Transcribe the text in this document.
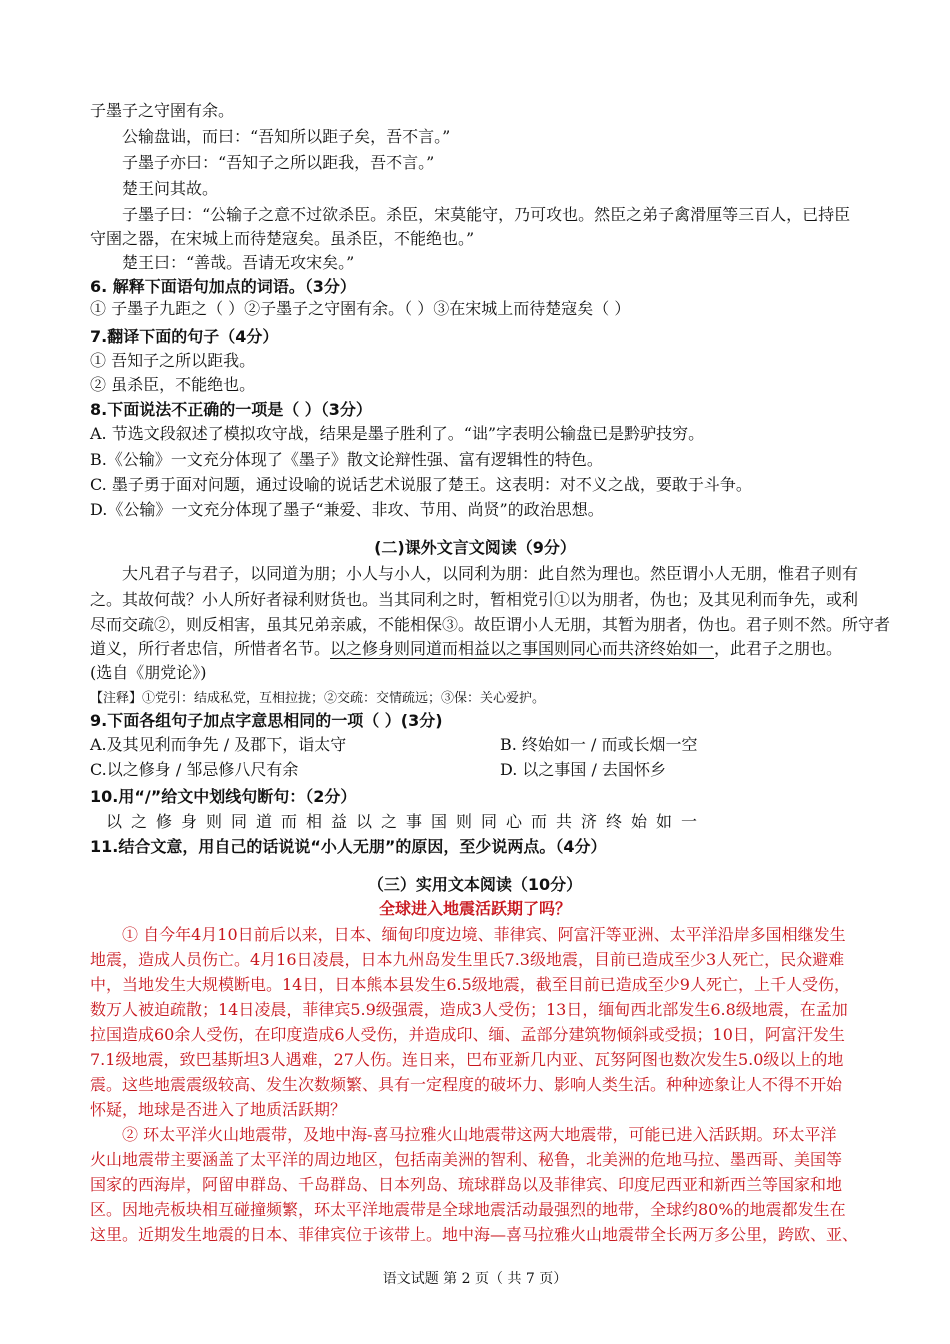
子墨子之守圉有余。
公输盘诎，而曰：“吾知所以距子矣，吾不言。”
子墨子亦曰：“吾知子之所以距我，吾不言。”
楚王问其故。
子墨子曰：“公输子之意不过欲杀臣。杀臣，宋莫能守，乃可攻也。然臣之弟子禽滑厘等三百人，已持臣
守圉之器，在宋城上而待楚寇矣。虽杀臣，不能绝也。”
楚王曰：“善哉。吾请无攻宋矣。”
6. 解释下面语句加点的词语。（3分）
① 子墨子九距之（ ）②子墨子之守圉有余。（ ）③在宋城上而待楚寇矣（ ）
7.翻译下面的句子（4分）
① 吾知子之所以距我。
② 虽杀臣，不能绝也。
8.下面说法不正确的一项是（ ）（3分）
A. 节选文段叙述了模拟攻守战，结果是墨子胜利了。“诎”字表明公输盘已是黔驴技穷。
B.《公输》一文充分体现了《墨子》散文论辩性强、富有逻辑性的特色。
C. 墨子勇于面对问题，通过设喻的说话艺术说服了楚王。这表明：对不义之战，要敢于斗争。
D.《公输》一文充分体现了墨子“兼爱、非攻、节用、尚贤”的政治思想。
(二)课外文言文阅读（9分）
大凡君子与君子，以同道为朋；小人与小人，以同利为朋：此自然为理也。然臣谓小人无朋，惟君子则有
之。其故何哉？小人所好者禄利财货也。当其同利之时，暂相党引①以为朋者，伪也；及其见利而争先，或利
尽而交疏②，则反相害，虽其兄弟亲戚，不能相保③。故臣谓小人无朋，其暂为朋者，伪也。君子则不然。所守者
道义，所行者忠信，所惜者名节。以之修身则同道而相益以之事国则同心而共济终始如一，此君子之朋也。
(选自《朋党论》)
【注释】①党引：结成私党，互相拉拢；②交疏：交情疏远；③保：关心爱护。
9.下面各组句子加点字意思相同的一项（ ）(3分)
A.及其见利而争先 / 及郡下，诣太守	B. 终始如一 / 而或长烟一空
C.以之修身 / 邹忌修八尺有余	D. 以之事国 / 去国怀乡
10.用“/”给文中划线句断句：（2分）
以之修身则同道而相益以之事国则同心而共济终始如一
11.结合文意，用自己的话说说“小人无朋”的原因，至少说两点。（4分）
（三）实用文本阅读（10分）
全球进入地震活跃期了吗？
① 自今年4月10日前后以来，日本、缅甸印度边境、菲律宾、阿富汗等亚洲、太平洋沿岸多国相继发生
地震，造成人员伤亡。4月16日凌晨，日本九州岛发生里氏7.3级地震，目前已造成至少3人死亡，民众避难
中，当地发生大规模断电。14日，日本熊本县发生6.5级地震，截至目前已造成至少9人死亡，上千人受伤，
数万人被迫疏散；14日凌晨，菲律宾5.9级强震，造成3人受伤；13日，缅甸西北部发生6.8级地震，在孟加
拉国造成60余人受伤，在印度造成6人受伤，并造成印、缅、孟部分建筑物倾斜或受损；10日，阿富汗发生
7.1级地震，致巴基斯坦3人遇难，27人伤。连日来，巴布亚新几内亚、瓦努阿图也数次发生5.0级以上的地
震。这些地震震级较高、发生次数频繁、具有一定程度的破坏力、影响人类生活。种种迹象让人不得不开始
怀疑，地球是否进入了地质活跃期？
② 环太平洋火山地震带，及地中海-喜马拉雅火山地震带这两大地震带，可能已进入活跃期。环太平洋
火山地震带主要涵盖了太平洋的周边地区，包括南美洲的智利、秘鲁，北美洲的危地马拉、墨西哥、美国等
国家的西海岸，阿留申群岛、千岛群岛、日本列岛、琉球群岛以及菲律宾、印度尼西亚和新西兰等国家和地
区。因地壳板块相互碰撞频繁，环太平洋地震带是全球地震活动最强烈的地带，全球约80%的地震都发生在
这里。近期发生地震的日本、菲律宾位于该带上。地中海—喜马拉雅火山地震带全长两万多公里，跨欧、亚、
语文试题 第 2 页（ 共 7 页）
